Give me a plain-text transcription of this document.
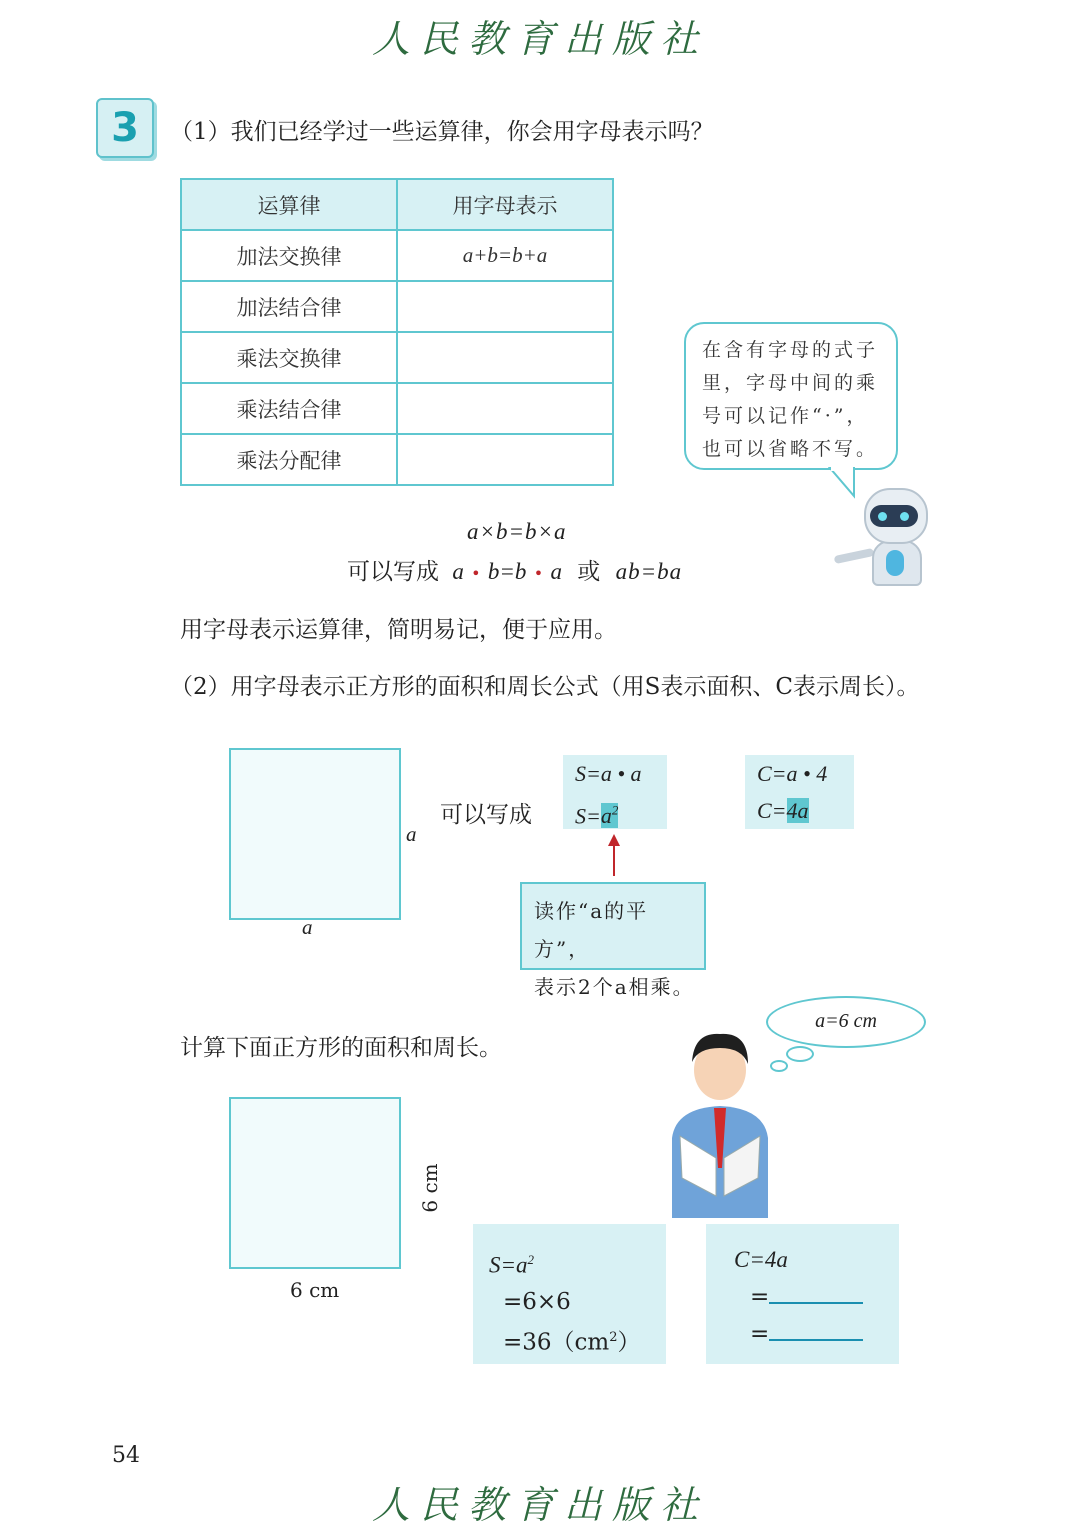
人民教育出版社
3	（1）我们已经学过一些运算律，你会用字母表示吗？
运算律	用字母表示
加法交换律	a+b=b+a
加法结合律	
乘法交换律	
乘法结合律	
乘法分配律	
在含有字母的式子
里，字母中间的乘
号可以记作“·”，
也可以省略不写。
a×b=b×a
可以写成 a • b=b • a 或 ab=ba
用字母表示运算律，简明易记，便于应用。
（2）用字母表示正方形的面积和周长公式（用S表示面积、C表示周长）。
a
a
可以写成
S=a • a
$S=a^2$
C=a • 4
C=4a
读作“a的平方”，
表示2个a相乘。
计算下面正方形的面积和周长。
a=6 cm
6 cm
6 cm
$S=a^2$
=6×6
$=36(cm^2)$
C=4a
=
=
54
人民教育出版社
